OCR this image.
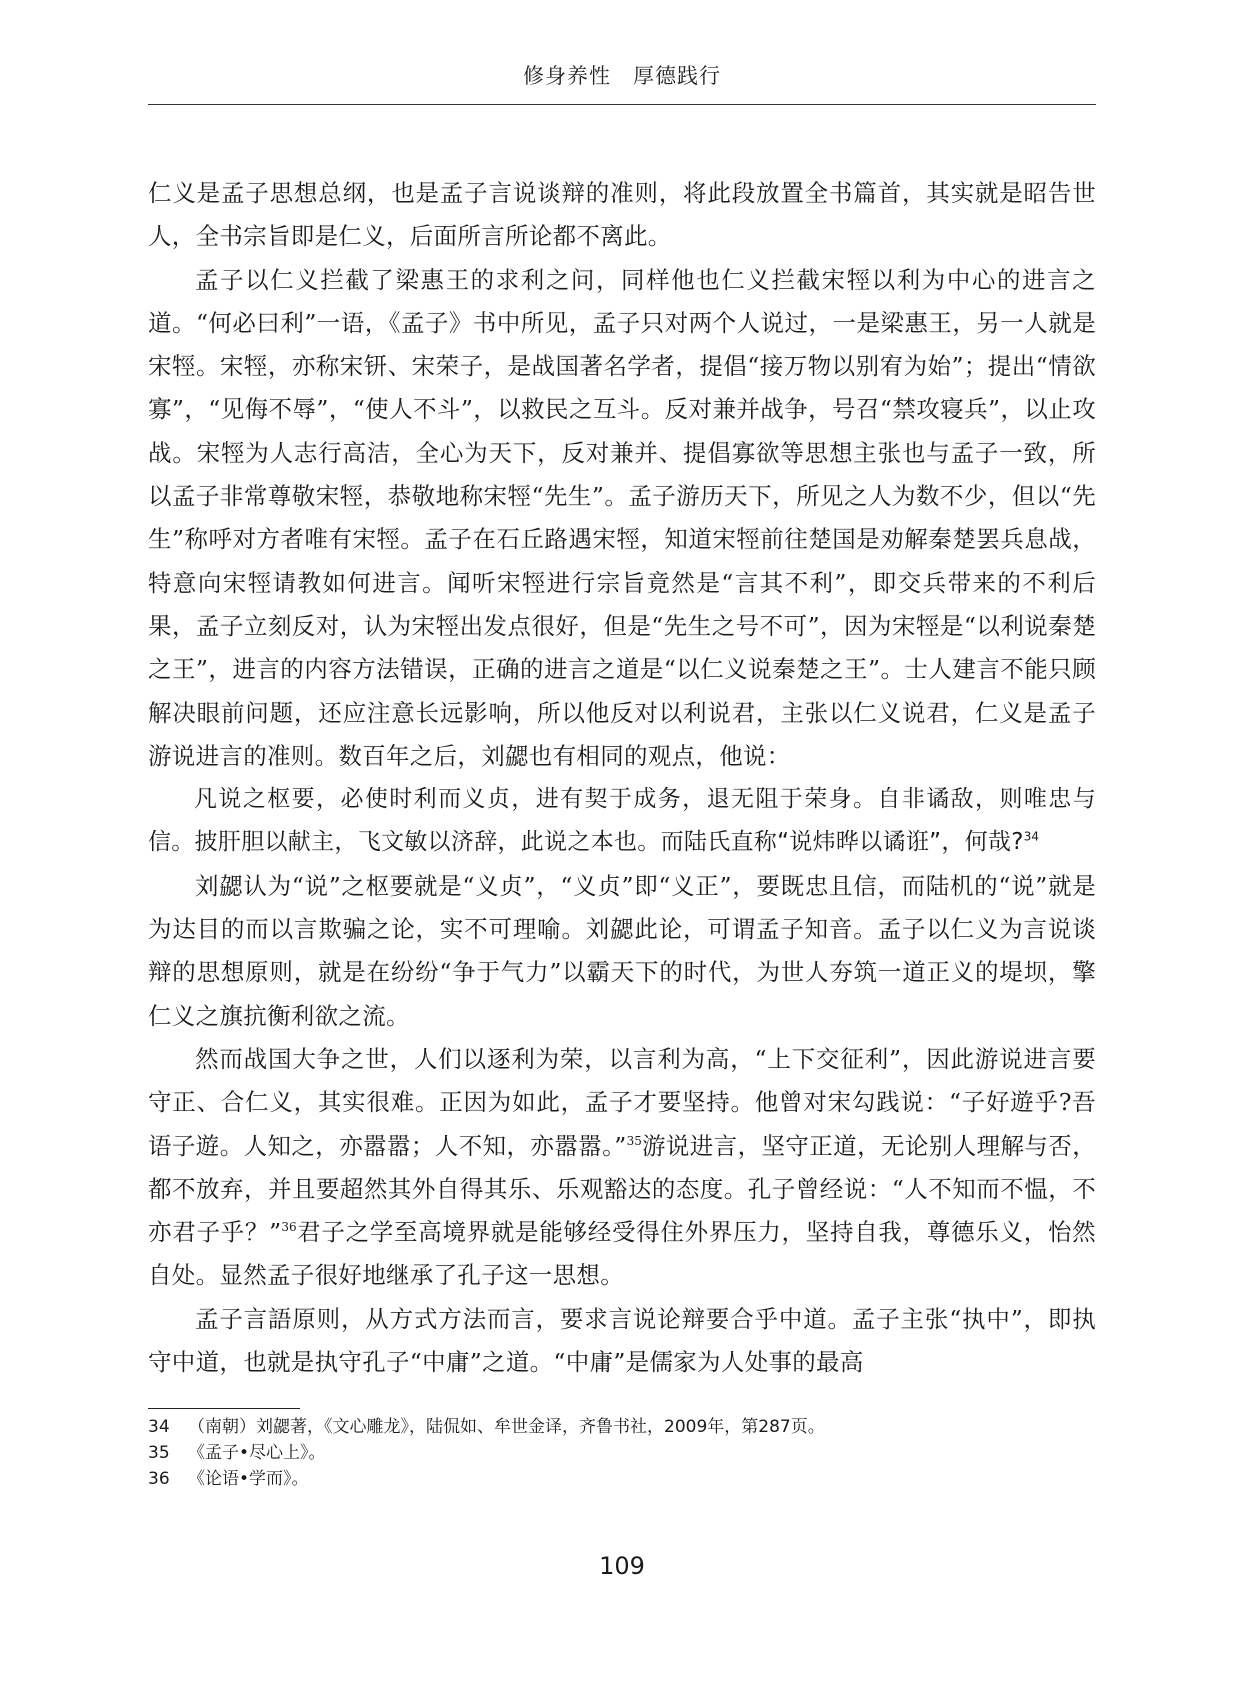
修身养性　厚德践行

仁义是孟子思想总纲，也是孟子言说谈辩的准则，将此段放置全书篇首，其实就是昭告世人，全书宗旨即是仁义，后面所言所论都不离此。

孟子以仁义拦截了梁惠王的求利之问，同样他也仁义拦截宋牼以利为中心的进言之道。“何必曰利”一语，《孟子》书中所见，孟子只对两个人说过，一是梁惠王，另一人就是宋牼。宋牼，亦称宋钘、宋荣子，是战国著名学者，提倡“接万物以别宥为始”；提出“情欲寡”，“见侮不辱”，“使人不斗”，以救民之互斗。反对兼并战争，号召“禁攻寝兵”，以止攻战。宋牼为人志行高洁，全心为天下，反对兼并、提倡寡欲等思想主张也与孟子一致，所以孟子非常尊敬宋牼，恭敬地称宋牼“先生”。孟子游历天下，所见之人为数不少，但以“先生”称呼对方者唯有宋牼。孟子在石丘路遇宋牼，知道宋牼前往楚国是劝解秦楚罢兵息战，特意向宋牼请教如何进言。闻听宋牼进行宗旨竟然是“言其不利”，即交兵带来的不利后果，孟子立刻反对，认为宋牼出发点很好，但是“先生之号不可”，因为宋牼是“以利说秦楚之王”，进言的内容方法错误，正确的进言之道是“以仁义说秦楚之王”。士人建言不能只顾解决眼前问题，还应注意长远影响，所以他反对以利说君，主张以仁义说君，仁义是孟子游说进言的准则。数百年之后，刘勰也有相同的观点，他说：

凡说之枢要，必使时利而义贞，进有契于成务，退无阻于荣身。自非谲敌，则唯忠与信。披肝胆以献主，飞文敏以济辞，此说之本也。而陆氏直称“说炜晔以谲诳”，何哉?$^{34}$

刘勰认为“说”之枢要就是“义贞”，“义贞”即“义正”，要既忠且信，而陆机的“说”就是为达目的而以言欺骗之论，实不可理喻。刘勰此论，可谓孟子知音。孟子以仁义为言说谈辩的思想原则，就是在纷纷“争于气力”以霸天下的时代，为世人夯筑一道正义的堤坝，擎仁义之旗抗衡利欲之流。

然而战国大争之世，人们以逐利为荣，以言利为高，“上下交征利”，因此游说进言要守正、合仁义，其实很难。正因为如此，孟子才要坚持。他曾对宋勾践说：“子好遊乎?吾语子遊。人知之，亦嚣嚣；人不知，亦嚣嚣。”$^{35}$游说进言，坚守正道，无论别人理解与否，都不放弃，并且要超然其外自得其乐、乐观豁达的态度。孔子曾经说：“人不知而不愠，不亦君子乎？”$^{36}$君子之学至高境界就是能够经受得住外界压力，坚持自我，尊德乐义，怡然自处。显然孟子很好地继承了孔子这一思想。

孟子言語原则，从方式方法而言，要求言说论辩要合乎中道。孟子主张“执中”，即执守中道，也就是执守孔子“中庸”之道。“中庸”是儒家为人处事的最高

34 （南朝）刘勰著，《文心雕龙》，陆侃如、牟世金译，齐鲁书社，2009年，第287页。
35 《孟子•尽心上》。
36 《论语•学而》。
109
